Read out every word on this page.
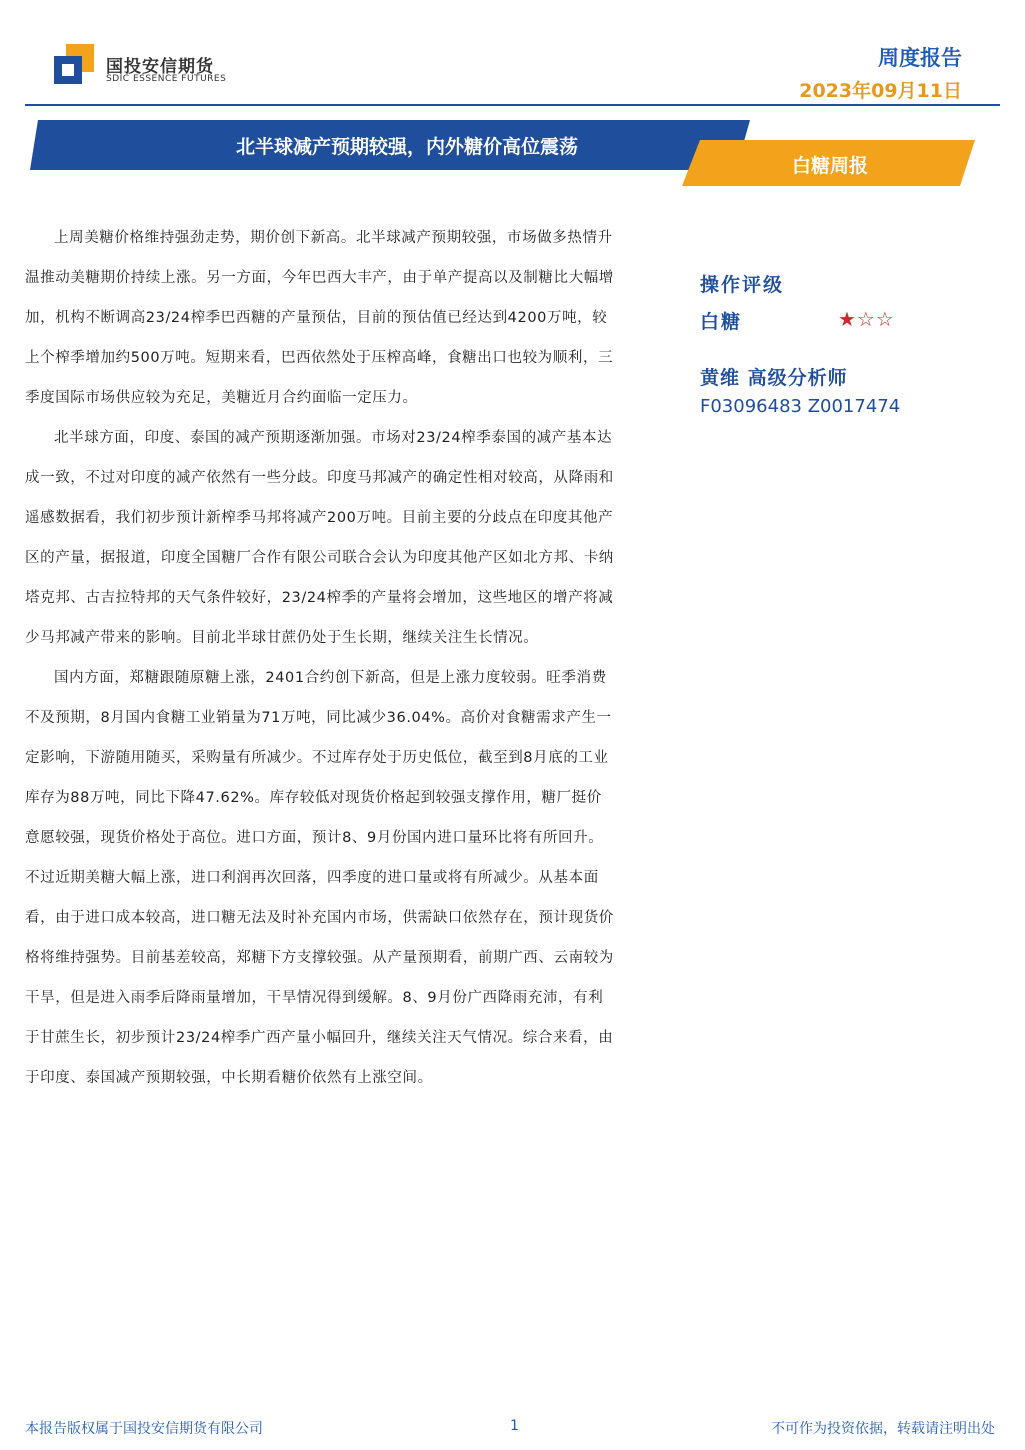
国投安信期货
SDIC ESSENCE FUTURES
周度报告
2023年09月11日
北半球减产预期较强，内外糖价高位震荡
白糖周报

上周美糖价格维持强劲走势，期价创下新高。北半球减产预期较强，市场做多热情升温推动美糖期价持续上涨。另一方面，今年巴西大丰产，由于单产提高以及制糖比大幅增加，机构不断调高23/24榨季巴西糖的产量预估，目前的预估值已经达到4200万吨，较上个榨季增加约500万吨。短期来看，巴西依然处于压榨高峰，食糖出口也较为顺利，三季度国际市场供应较为充足，美糖近月合约面临一定压力。

北半球方面，印度、泰国的减产预期逐渐加强。市场对23/24榨季泰国的减产基本达成一致，不过对印度的减产依然有一些分歧。印度马邦减产的确定性相对较高，从降雨和遥感数据看，我们初步预计新榨季马邦将减产200万吨。目前主要的分歧点在印度其他产区的产量，据报道，印度全国糖厂合作有限公司联合会认为印度其他产区如北方邦、卡纳塔克邦、古吉拉特邦的天气条件较好，23/24榨季的产量将会增加，这些地区的增产将减少马邦减产带来的影响。目前北半球甘蔗仍处于生长期，继续关注生长情况。

国内方面，郑糖跟随原糖上涨，2401合约创下新高，但是上涨力度较弱。旺季消费不及预期，8月国内食糖工业销量为71万吨，同比减少36.04%。高价对食糖需求产生一定影响，下游随用随买，采购量有所减少。不过库存处于历史低位，截至到8月底的工业库存为88万吨，同比下降47.62%。库存较低对现货价格起到较强支撑作用，糖厂挺价意愿较强，现货价格处于高位。进口方面，预计8、9月份国内进口量环比将有所回升。不过近期美糖大幅上涨，进口利润再次回落，四季度的进口量或将有所减少。从基本面看，由于进口成本较高，进口糖无法及时补充国内市场，供需缺口依然存在，预计现货价格将维持强势。目前基差较高，郑糖下方支撑较强。从产量预期看，前期广西、云南较为干旱，但是进入雨季后降雨量增加，干旱情况得到缓解。8、9月份广西降雨充沛，有利于甘蔗生长，初步预计23/24榨季广西产量小幅回升，继续关注天气情况。综合来看，由于印度、泰国减产预期较强，中长期看糖价依然有上涨空间。

操作评级
白糖	★☆☆
黄维 高级分析师
F03096483 Z0017474
本报告版权属于国投安信期货有限公司	1	不可作为投资依据，转载请注明出处
